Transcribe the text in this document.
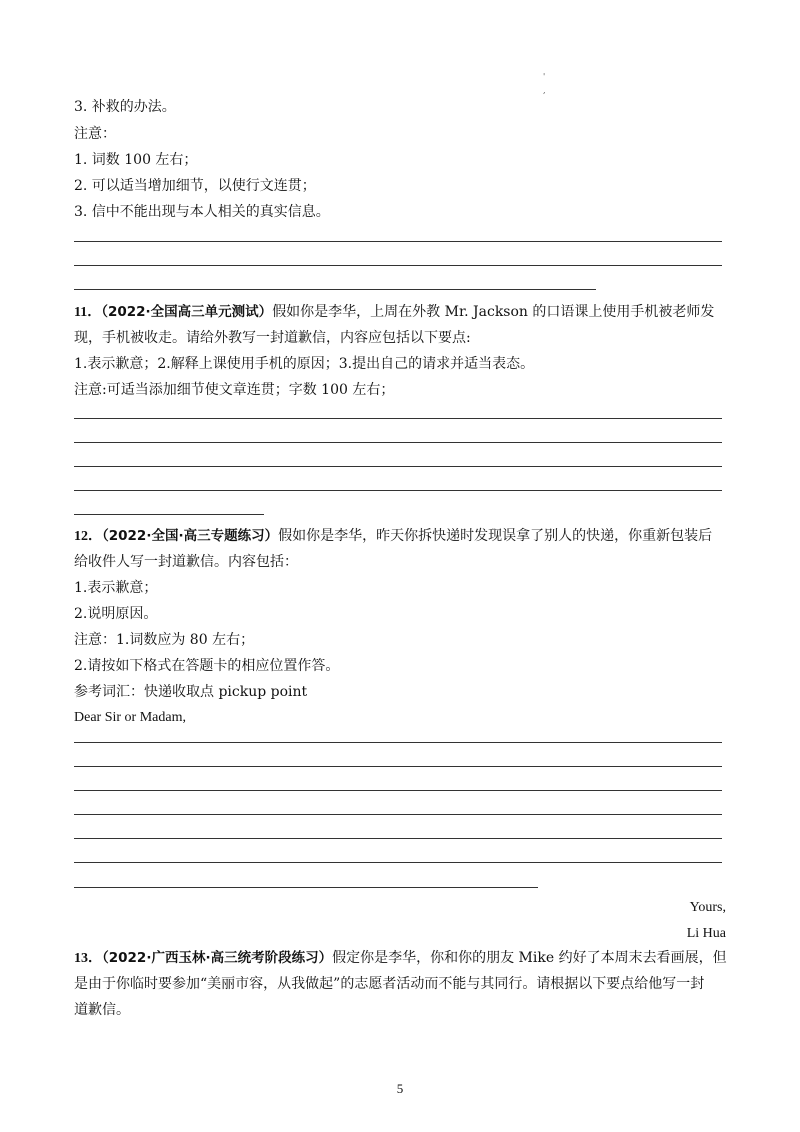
'
,
3. 补救的办法。
注意：
1. 词数 100 左右；
2. 可以适当增加细节，以使行文连贯；
3. 信中不能出现与本人相关的真实信息。
11．（2022·全国高三单元测试）假如你是李华，上周在外教 Mr. Jackson 的口语课上使用手机被老师发
现，手机被收走。请给外教写一封道歉信，内容应包括以下要点:
1.表示歉意；2.解释上课使用手机的原因；3.提出自己的请求并适当表态。
注意:可适当添加细节使文章连贯；字数 100 左右；
12．（2022·全国·高三专题练习）假如你是李华，昨天你拆快递时发现误拿了别人的快递，你重新包装后
给收件人写一封道歉信。内容包括：
1.表示歉意；
2.说明原因。
注意：1.词数应为 80 左右；
2.请按如下格式在答题卡的相应位置作答。
参考词汇：快递收取点 pickup point
Dear Sir or Madam,
Yours,
Li Hua
13．（2022·广西玉林·高三统考阶段练习）假定你是李华，你和你的朋友 Mike 约好了本周末去看画展，但
是由于你临时要参加“美丽市容，从我做起”的志愿者活动而不能与其同行。请根据以下要点给他写一封
道歉信。
5
